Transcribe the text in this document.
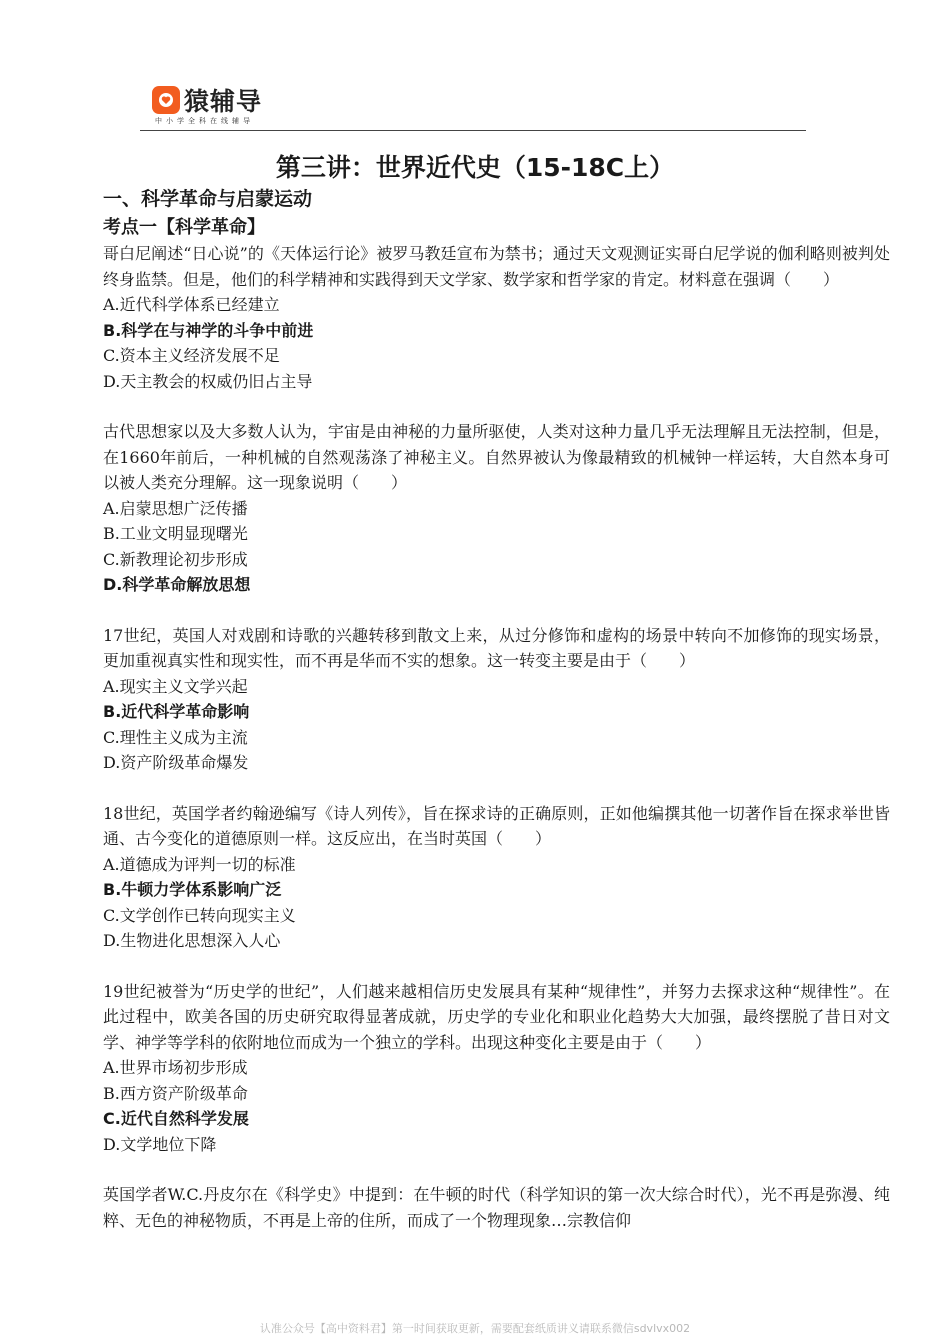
猿辅导
中小学全科在线辅导
第三讲：世界近代史（15-18C上）
一、科学革命与启蒙运动
考点一【科学革命】
哥白尼阐述“日心说”的《天体运行论》被罗马教廷宣布为禁书；通过天文观测证实哥白尼学说的伽利略则被判处终身监禁。但是，他们的科学精神和实践得到天文学家、数学家和哲学家的肯定。材料意在强调（　　）
A.近代科学体系已经建立
B.科学在与神学的斗争中前进
C.资本主义经济发展不足
D.天主教会的权威仍旧占主导
古代思想家以及大多数人认为，宇宙是由神秘的力量所驱使，人类对这种力量几乎无法理解且无法控制，但是，在1660年前后，一种机械的自然观荡涤了神秘主义。自然界被认为像最精致的机械钟一样运转，大自然本身可以被人类充分理解。这一现象说明（　　）
A.启蒙思想广泛传播
B.工业文明显现曙光
C.新教理论初步形成
D.科学革命解放思想
17世纪，英国人对戏剧和诗歌的兴趣转移到散文上来，从过分修饰和虚构的场景中转向不加修饰的现实场景，更加重视真实性和现实性，而不再是华而不实的想象。这一转变主要是由于（　　）
A.现实主义文学兴起
B.近代科学革命影响
C.理性主义成为主流
D.资产阶级革命爆发
18世纪，英国学者约翰逊编写《诗人列传》，旨在探求诗的正确原则，正如他编撰其他一切著作旨在探求举世皆通、古今变化的道德原则一样。这反应出，在当时英国（　　）
A.道德成为评判一切的标准
B.牛顿力学体系影响广泛
C.文学创作已转向现实主义
D.生物进化思想深入人心
19世纪被誉为“历史学的世纪”，人们越来越相信历史发展具有某种“规律性”，并努力去探求这种“规律性”。在此过程中，欧美各国的历史研究取得显著成就，历史学的专业化和职业化趋势大大加强，最终摆脱了昔日对文学、神学等学科的依附地位而成为一个独立的学科。出现这种变化主要是由于（　　）
A.世界市场初步形成
B.西方资产阶级革命
C.近代自然科学发展
D.文学地位下降
英国学者W.C.丹皮尔在《科学史》中提到：在牛顿的时代（科学知识的第一次大综合时代），光不再是弥漫、纯粹、无色的神秘物质，不再是上帝的住所，而成了一个物理现象…宗教信仰
认准公众号【高中资料君】第一时间获取更新，需要配套纸质讲义请联系微信sdvlvx002
